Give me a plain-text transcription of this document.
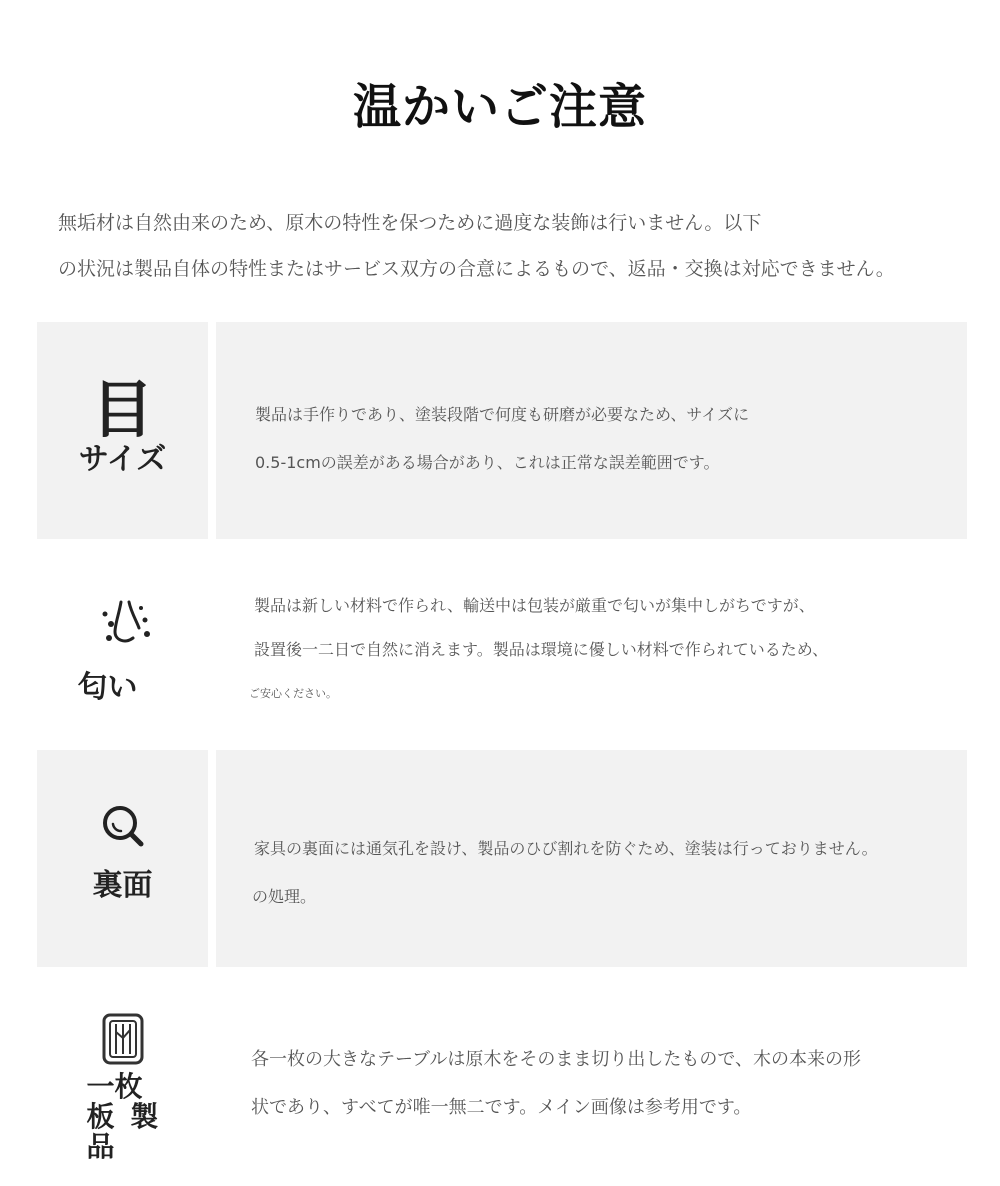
温かいご注意
無垢材は自然由来のため、原木の特性を保つために過度な装飾は行いません。以下
の状況は製品自体の特性またはサービス双方の合意によるもので、返品・交換は対応できません。
目
サイズ
製品は手作りであり、塗装段階で何度も研磨が必要なため、サイズに
0.5-1cmの誤差がある場合があり、これは正常な誤差範囲です。
匂い
製品は新しい材料で作られ、輸送中は包装が厳重で匂いが集中しがちですが、
設置後一二日で自然に消えます。製品は環境に優しい材料で作られているため、
ご安心ください。
裏面
家具の裏面には通気孔を設け、製品のひび割れを防ぐため、塗装は行っておりません。
の処理。
一枚
板 製
品
各一枚の大きなテーブルは原木をそのまま切り出したもので、木の本来の形
状であり、すべてが唯一無二です。メイン画像は参考用です。
